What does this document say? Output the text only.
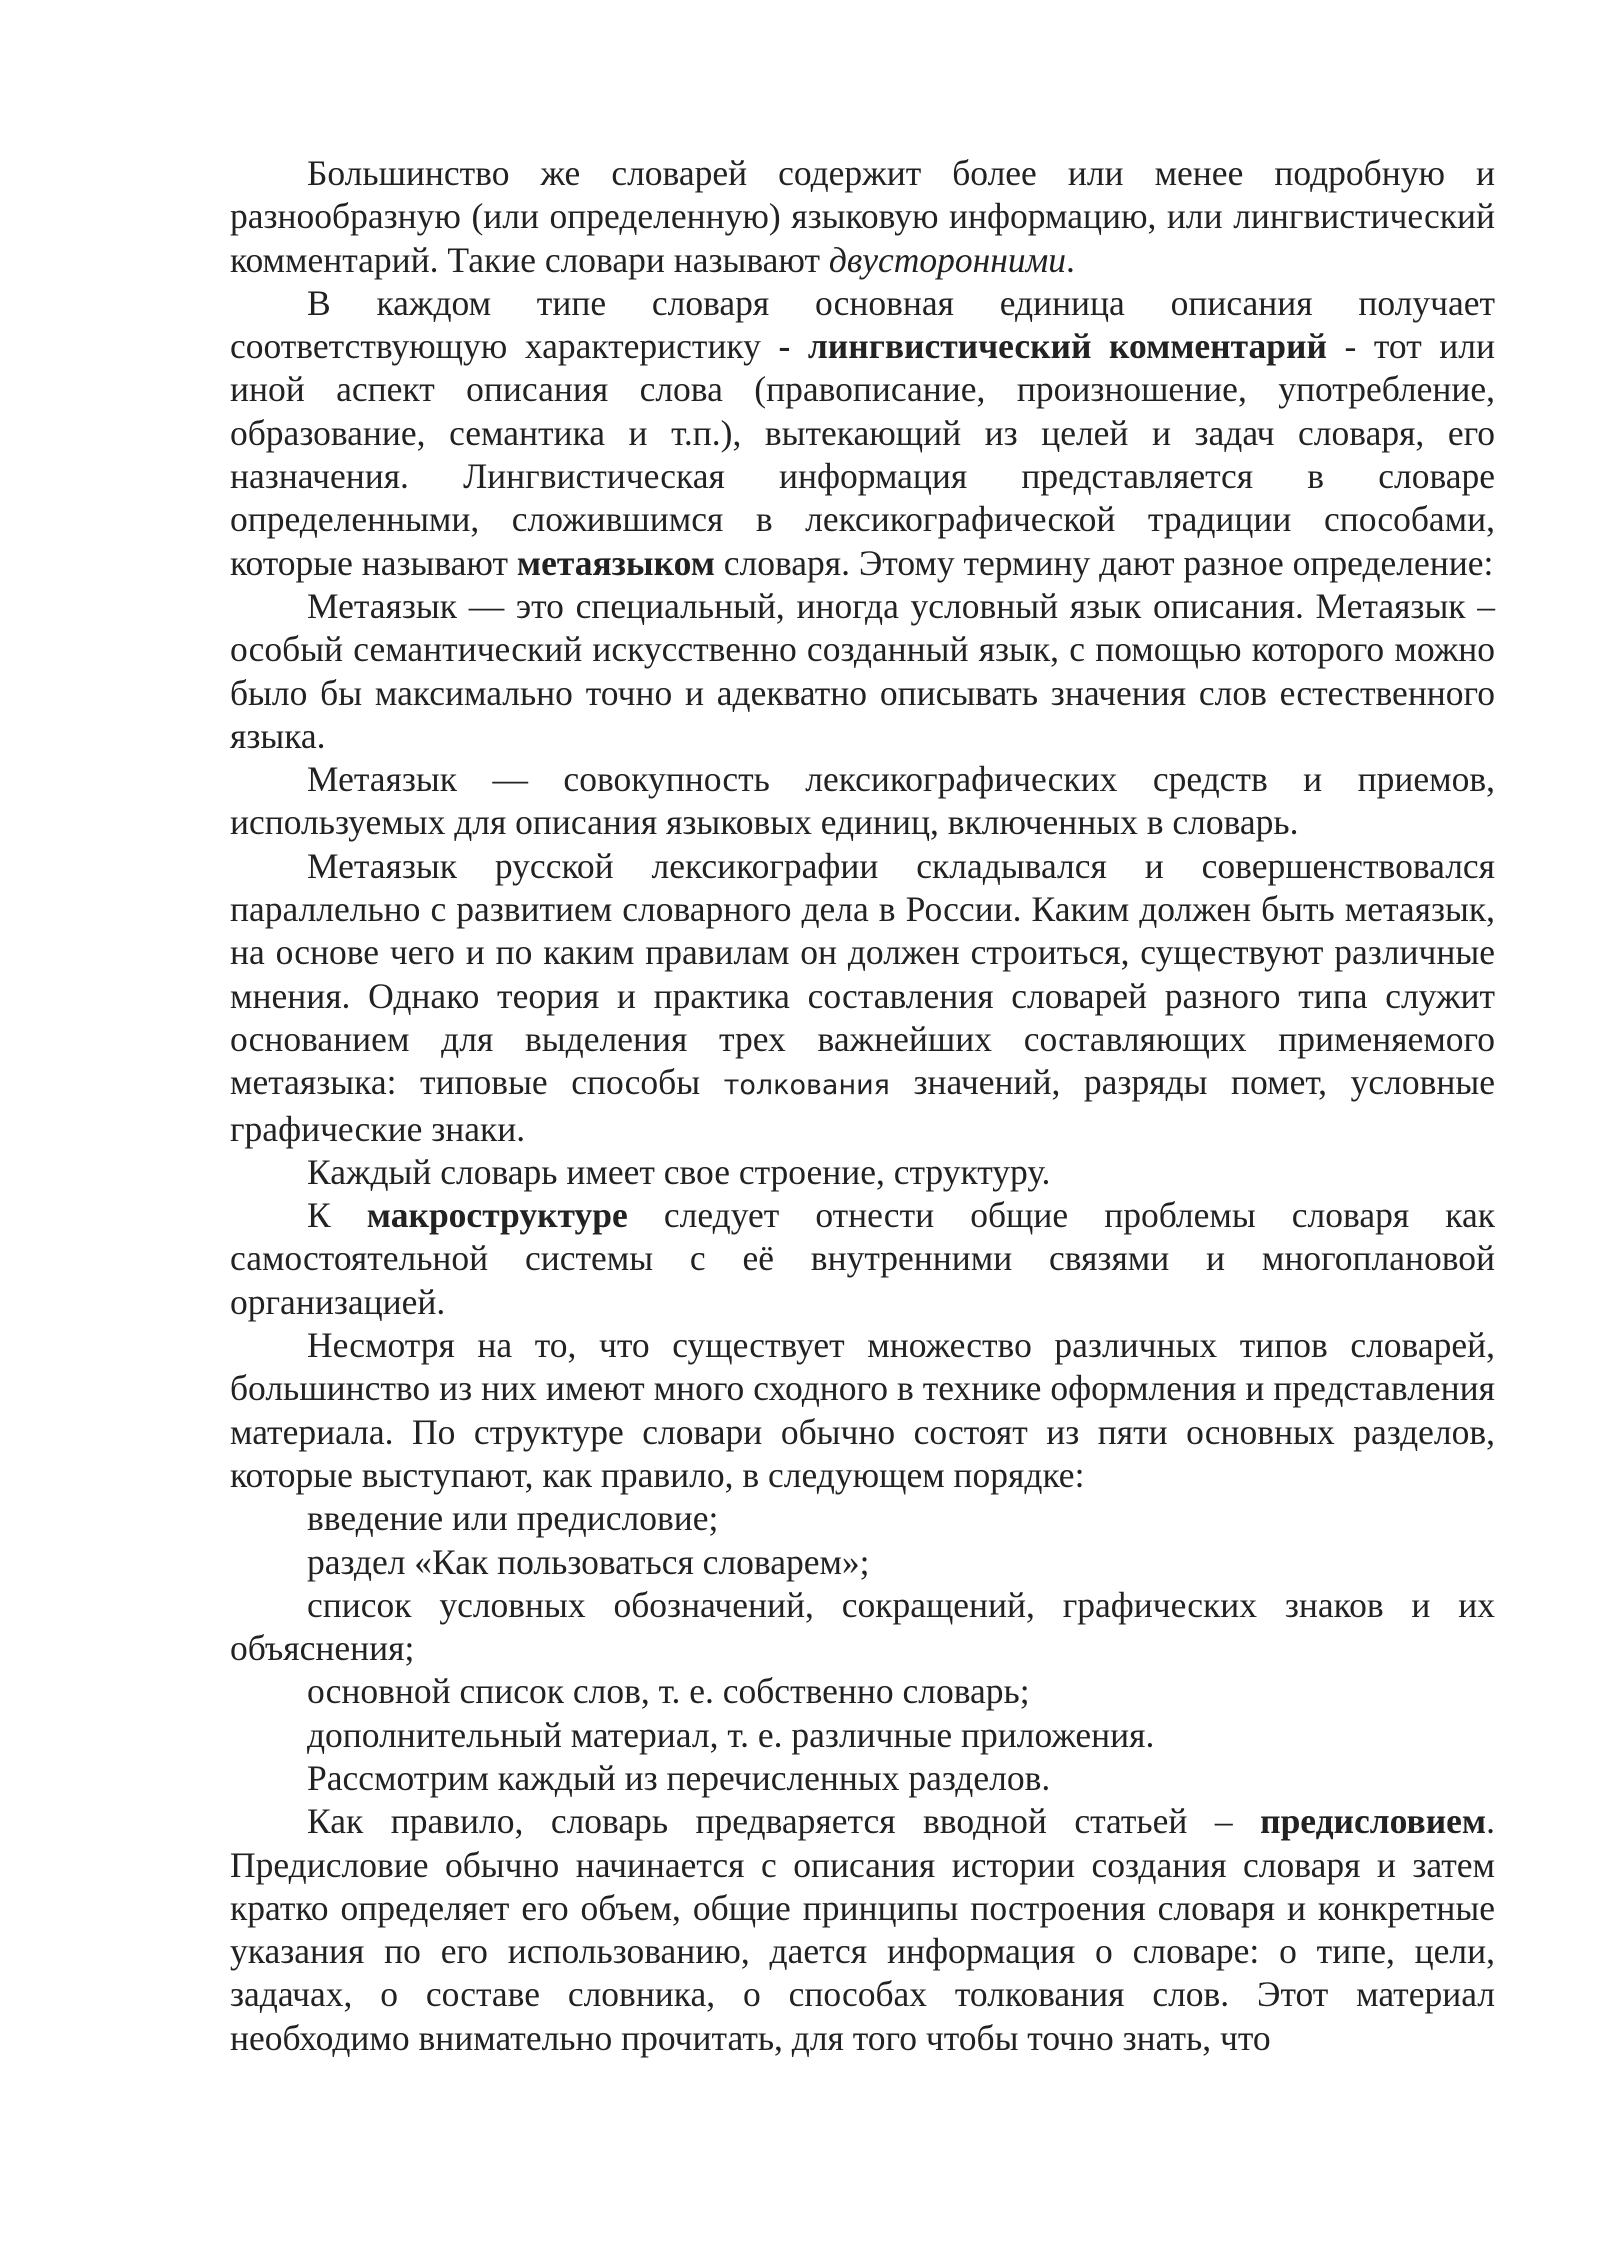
Большинство же словарей содержит более или менее подробную и разнообразную (или определенную) языковую информацию, или лингвистический комментарий. Такие словари называют двусторонними.

В каждом типе словаря основная единица описания получает соответствующую характеристику - лингвистический комментарий - тот или иной аспект описания слова (правописание, произношение, употребление, образование, семантика и т.п.), вытекающий из целей и задач словаря, его назначения. Лингвистическая информация представляется в словаре определенными, сложившимся в лексикографической традиции способами, которые называют метаязыком словаря. Этому термину дают разное определение:

Метаязык — это специальный, иногда условный язык описания. Метаязык – особый семантический искусственно созданный язык, с помощью которого можно было бы максимально точно и адекватно описывать значения слов естественного языка.

Метаязык — совокупность лексикографических средств и приемов, используемых для описания языковых единиц, включенных в словарь.

Метаязык русской лексикографии складывался и совершенствовался параллельно с развитием словарного дела в России. Каким должен быть метаязык, на основе чего и по каким правилам он должен строиться, существуют различные мнения. Однако теория и практика составления словарей разного типа служит основанием для выделения трех важнейших составляющих применяемого метаязыка: типовые способы толкования значений, разряды помет, условные графические знаки.

Каждый словарь имеет свое строение, структуру.

К макроструктуре следует отнести общие проблемы словаря как самостоятельной системы с её внутренними связями и многоплановой организацией.

Несмотря на то, что существует множество различных типов словарей, большинство из них имеют много сходного в технике оформления и представления материала. По структуре словари обычно состоят из пяти основных разделов, которые выступают, как правило, в следующем порядке:

введение или предисловие;

раздел «Как пользоваться словарем»;

список условных обозначений, сокращений, графических знаков и их объяснения;

основной список слов, т. е. собственно словарь;

дополнительный материал, т. е. различные приложения.

Рассмотрим каждый из перечисленных разделов.

Как правило, словарь предваряется вводной статьей – предисловием. Предисловие обычно начинается с описания истории создания словаря и затем кратко определяет его объем, общие принципы построения словаря и конкретные указания по его использованию, дается информация о словаре: о типе, цели, задачах, о составе словника, о способах толкования слов. Этот материал необходимо внимательно прочитать, для того чтобы точно знать, что
